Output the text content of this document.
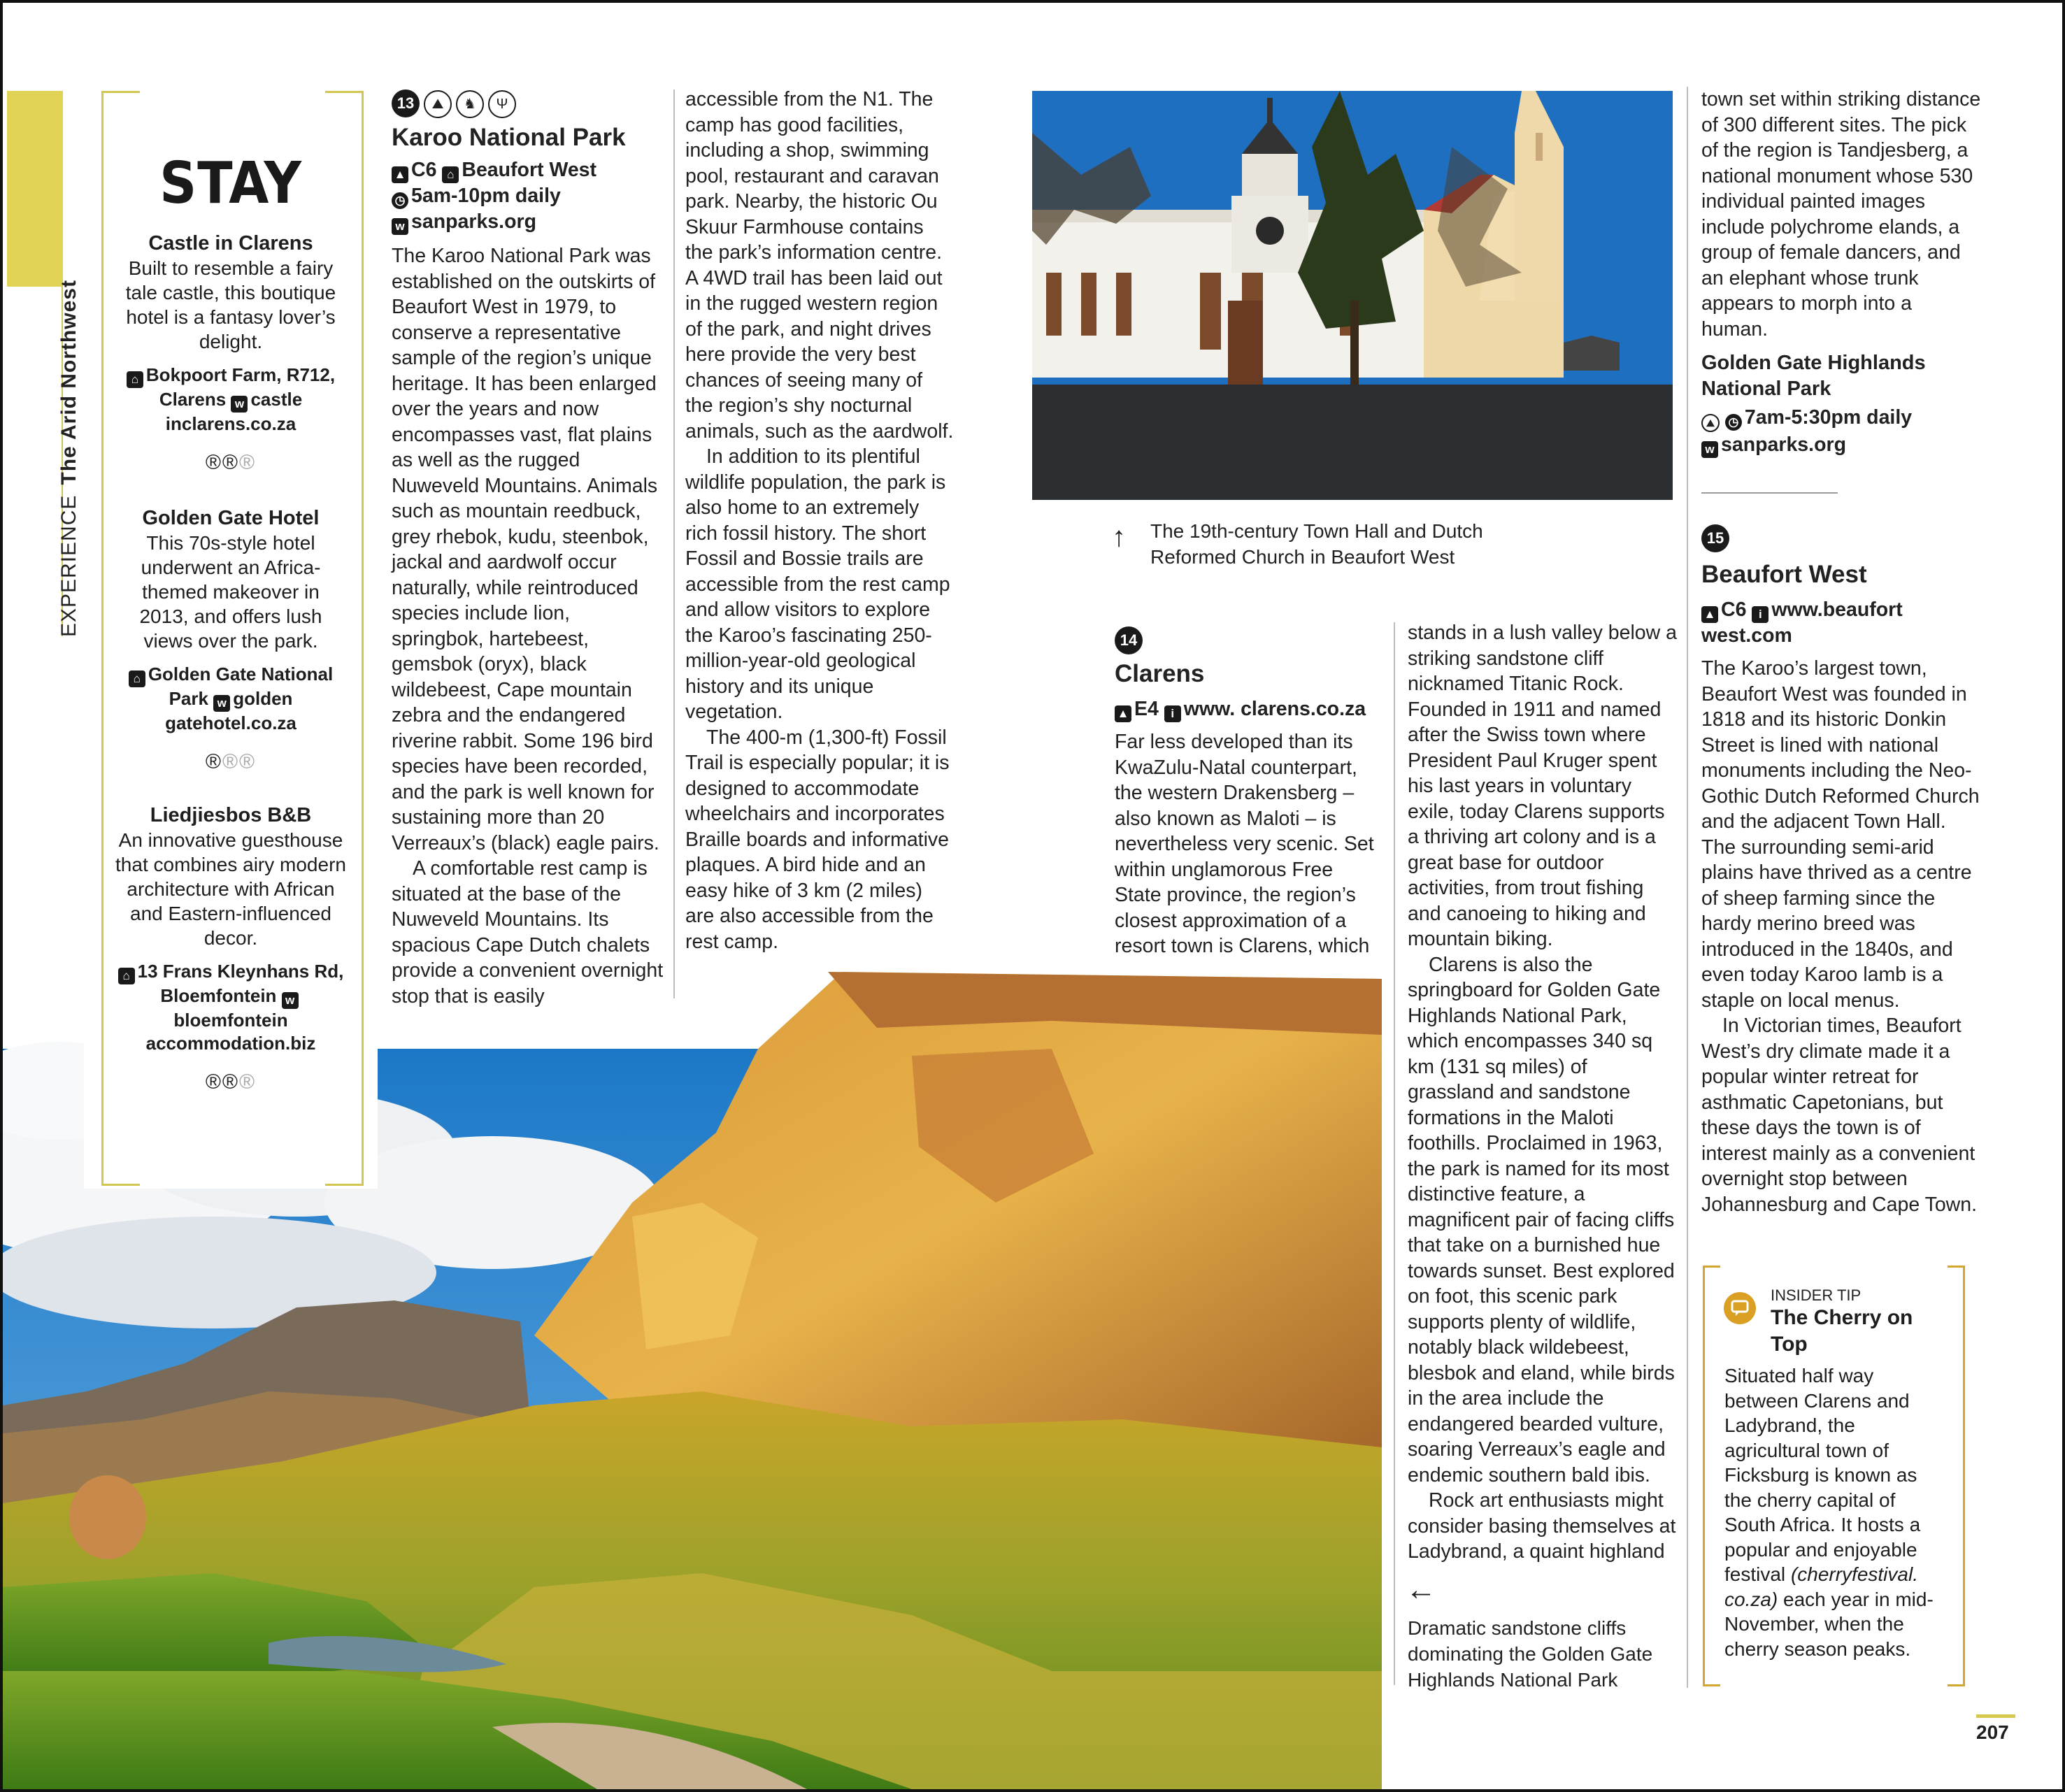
EXPERIENCEThe Arid Northwest
STAY
Castle in Clarens
Built to resemble a fairy tale castle, this boutique hotel is a fantasy lover’s delight.
⌂ Bokpoort Farm, R712, Clarens w castle inclarens.co.za
®®®
Golden Gate Hotel
This 70s-style hotel underwent an Africa-themed makeover in 2013, and offers lush views over the park.
⌂ Golden Gate National Park w golden gatehotel.co.za
®®®
Liedjiesbos B&B
An innovative guesthouse that combines airy modern architecture with African and Eastern-influenced decor.
⌂ 13 Frans Kleynhans Rd, Bloemfontein wbloemfontein accommodation.biz
®®®
13 ⛰ ♞ Ψ
Karoo National Park
▲ C6 ⌂ Beaufort West
◷ 5am-10pm daily
w sanparks.org

The Karoo National Park was established on the outskirts of Beaufort West in 1979, to conserve a representative sample of the region’s unique heritage. It has been enlarged over the years and now encompasses vast, flat plains as well as the rugged Nuweveld Mountains. Animals such as mountain reedbuck, grey rhebok, kudu, steenbok, jackal and aardwolf occur naturally, while reintroduced species include lion, springbok, hartebeest, gemsbok (oryx), black wildebeest, Cape mountain zebra and the endangered riverine rabbit. Some 196 bird species have been recorded, and the park is well known for sustaining more than 20 Verreaux’s (black) eagle pairs.

A comfortable rest camp is situated at the base of the Nuweveld Mountains. Its spacious Cape Dutch chalets provide a convenient overnight stop that is easily

accessible from the N1. The camp has good facilities, including a shop, swimming pool, restaurant and caravan park. Nearby, the historic Ou Skuur Farmhouse contains the park’s information centre. A 4WD trail has been laid out in the rugged western region of the park, and night drives here provide the very best chances of seeing many of the region’s shy nocturnal animals, such as the aardwolf.

In addition to its plentiful wildlife population, the park is also home to an extremely rich fossil history. The short Fossil and Bossie trails are accessible from the rest camp and allow visitors to explore the Karoo’s fascinating 250-million-year-old geological history and its unique vegetation.

The 400-m (1,300-ft) Fossil Trail is especially popular; it is designed to accommodate wheelchairs and incorporates Braille boards and informative plaques. A bird hide and an easy hike of 3 km (2 miles) are also accessible from the rest camp.

↑ The 19th-century Town Hall and Dutch Reformed Church in Beaufort West
14
Clarens
▲ E4 i www. clarens.co.za

Far less developed than its KwaZulu-Natal counterpart, the western Drakensberg – also known as Maloti – is nevertheless very scenic. Set within unglamorous Free State province, the region’s closest approximation of a resort town is Clarens, which

stands in a lush valley below a striking sandstone cliff nicknamed Titanic Rock. Founded in 1911 and named after the Swiss town where President Paul Kruger spent his last years in voluntary exile, today Clarens supports a thriving art colony and is a great base for outdoor activities, from trout fishing and canoeing to hiking and mountain biking.

Clarens is also the springboard for Golden Gate Highlands National Park, which encompasses 340 sq km (131 sq miles) of grassland and sandstone formations in the Maloti foothills. Proclaimed in 1963, the park is named for its most distinctive feature, a magnificent pair of facing cliffs that take on a burnished hue towards sunset. Best explored on foot, this scenic park supports plenty of wildlife, notably black wildebeest, blesbok and eland, while birds in the area include the endangered bearded vulture, soaring Verreaux’s eagle and endemic southern bald ibis.

Rock art enthusiasts might consider basing themselves at Ladybrand, a quaint highland

←
Dramatic sandstone cliffs dominating the Golden Gate Highlands National Park

town set within striking distance of 300 different sites. The pick of the region is Tandjesberg, a national monument whose 530 individual painted images include polychrome elands, a group of female dancers, and an elephant whose trunk appears to morph into a human.

Golden Gate Highlands National Park
⛰ ◷ 7am-5:30pm daily
w sanparks.org
15
Beaufort West
▲ C6 i www.beaufort west.com

The Karoo’s largest town, Beaufort West was founded in 1818 and its historic Donkin Street is lined with national monuments including the Neo-Gothic Dutch Reformed Church and the adjacent Town Hall. The surrounding semi-arid plains have thrived as a centre of sheep farming since the hardy merino breed was introduced in the 1840s, and even today Karoo lamb is a staple on local menus.

In Victorian times, Beaufort West’s dry climate made it a popular winter retreat for asthmatic Capetonians, but these days the town is of interest mainly as a convenient overnight stop between Johannesburg and Cape Town.

INSIDER TIP
The Cherry on Top
Situated half way between Clarens and Ladybrand, the agricultural town of Ficksburg is known as the cherry capital of South Africa. It hosts a popular and enjoyable festival (cherryfestival. co.za) each year in mid-November, when the cherry season peaks.
207
